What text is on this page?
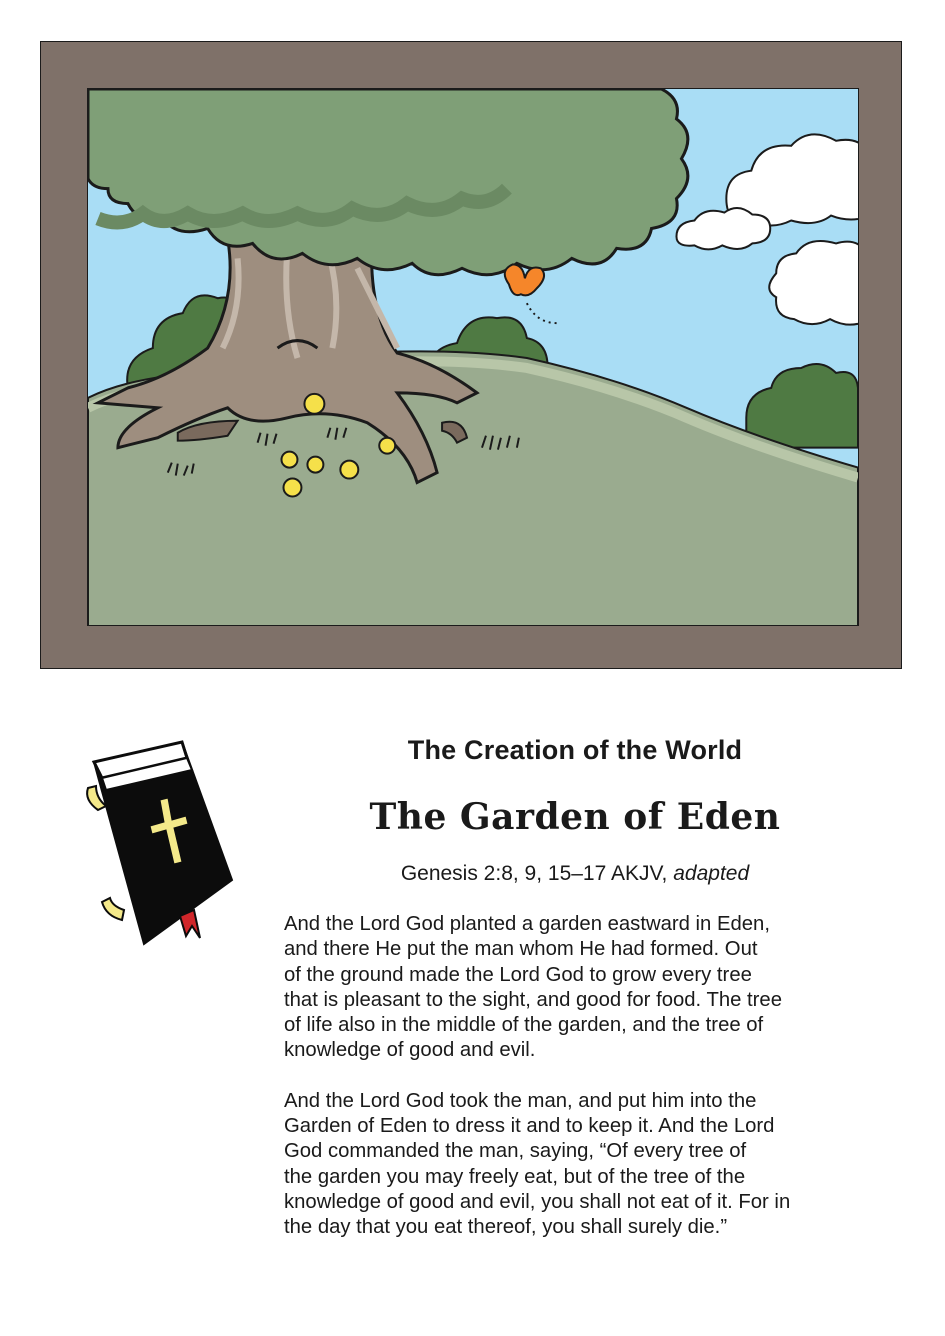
The Creation of the World
The Garden of Eden
Genesis 2:8, 9, 15–17 AKJV, adapted

And the Lord God planted a garden eastward in Eden,
and there He put the man whom He had formed. Out
of the ground made the Lord God to grow every tree
that is pleasant to the sight, and good for food. The tree
of life also in the middle of the garden, and the tree of
knowledge of good and evil.

And the Lord God took the man, and put him into the
Garden of Eden to dress it and to keep it. And the Lord
God commanded the man, saying, “Of every tree of
the garden you may freely eat, but of the tree of the
knowledge of good and evil, you shall not eat of it. For in
the day that you eat thereof, you shall surely die.”
